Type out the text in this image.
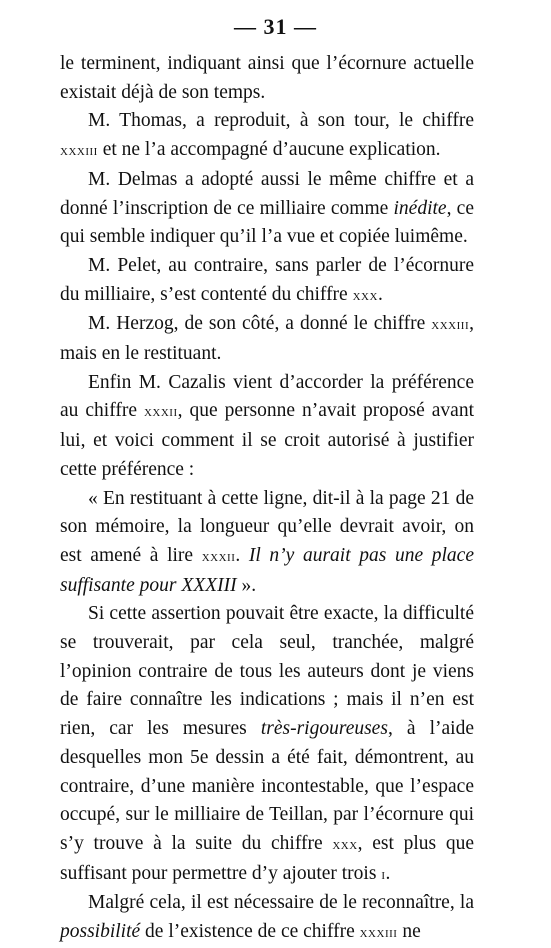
— 31 —

le terminent, indiquant ainsi que l’écornure actuelle existait déjà de son temps.

M. Thomas, a reproduit, à son tour, le chiffre xxxiii et ne l’a accompagné d’aucune explication.

M. Delmas a adopté aussi le même chiffre et a donné l’inscription de ce milliaire comme inédite, ce qui semble indiquer qu’il l’a vue et copiée luimême.

M. Pelet, au contraire, sans parler de l’écornure du milliaire, s’est contenté du chiffre xxx.

M. Herzog, de son côté, a donné le chiffre xxxiii, mais en le restituant.

Enfin M. Cazalis vient d’accorder la préférence au chiffre xxxii, que personne n’avait proposé avant lui, et voici comment il se croit autorisé à justifier cette préférence :

« En restituant à cette ligne, dit-il à la page 21 de son mémoire, la longueur qu’elle devrait avoir, on est amené à lire xxxii. Il n’y aurait pas une place suffisante pour XXXIII ».

Si cette assertion pouvait être exacte, la difficulté se trouverait, par cela seul, tranchée, malgré l’opinion contraire de tous les auteurs dont je viens de faire connaître les indications ; mais il n’en est rien, car les mesures très-rigoureuses, à l’aide desquelles mon 5e dessin a été fait, démontrent, au contraire, d’une manière incontestable, que l’espace occupé, sur le milliaire de Teillan, par l’écornure qui s’y trouve à la suite du chiffre xxx, est plus que suffisant pour permettre d’y ajouter trois i.

Malgré cela, il est nécessaire de le reconnaître, la possibilité de l’existence de ce chiffre xxxiii ne
